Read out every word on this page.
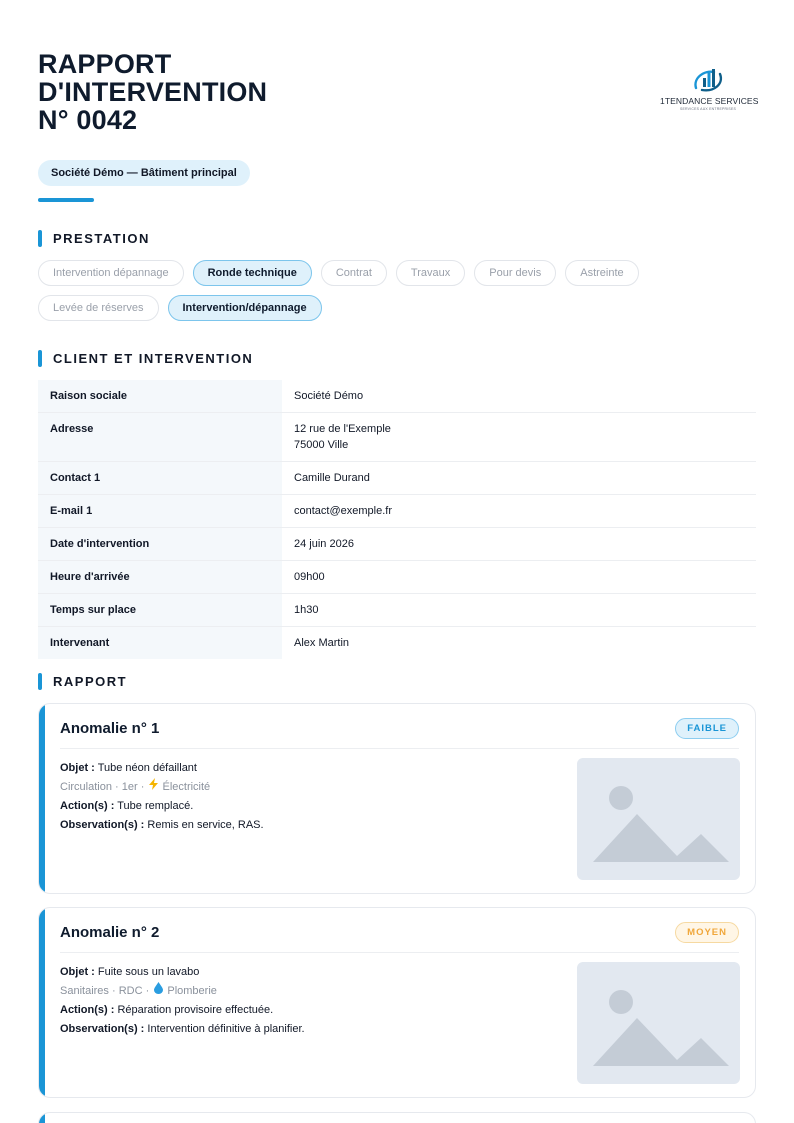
RAPPORT
D'INTERVENTION
N° 0042
1TENDANCE SERVICES
SERVICES AUX ENTREPRISES
Société Démo — Bâtiment principal
PRESTATION
Intervention dépannage	Ronde technique	Contrat	Travaux	Pour devis	Astreinte
Levée de réserves	Intervention/dépannage
CLIENT ET INTERVENTION
Raison sociale	Société Démo
Adresse	12 rue de l'Exemple
75000 Ville
Contact 1	Camille Durand
E-mail 1	contact@exemple.fr
Date d'intervention	24 juin 2026
Heure d'arrivée	09h00
Temps sur place	1h30
Intervenant	Alex Martin
RAPPORT
Anomalie n° 1	FAIBLE
Objet : Tube néon défaillant
Circulation · 1er · Électricité
Action(s) : Tube remplacé.
Observation(s) : Remis en service, RAS.
Anomalie n° 2	MOYEN
Objet : Fuite sous un lavabo
Sanitaires · RDC · Plomberie
Action(s) : Réparation provisoire effectuée.
Observation(s) : Intervention définitive à planifier.
